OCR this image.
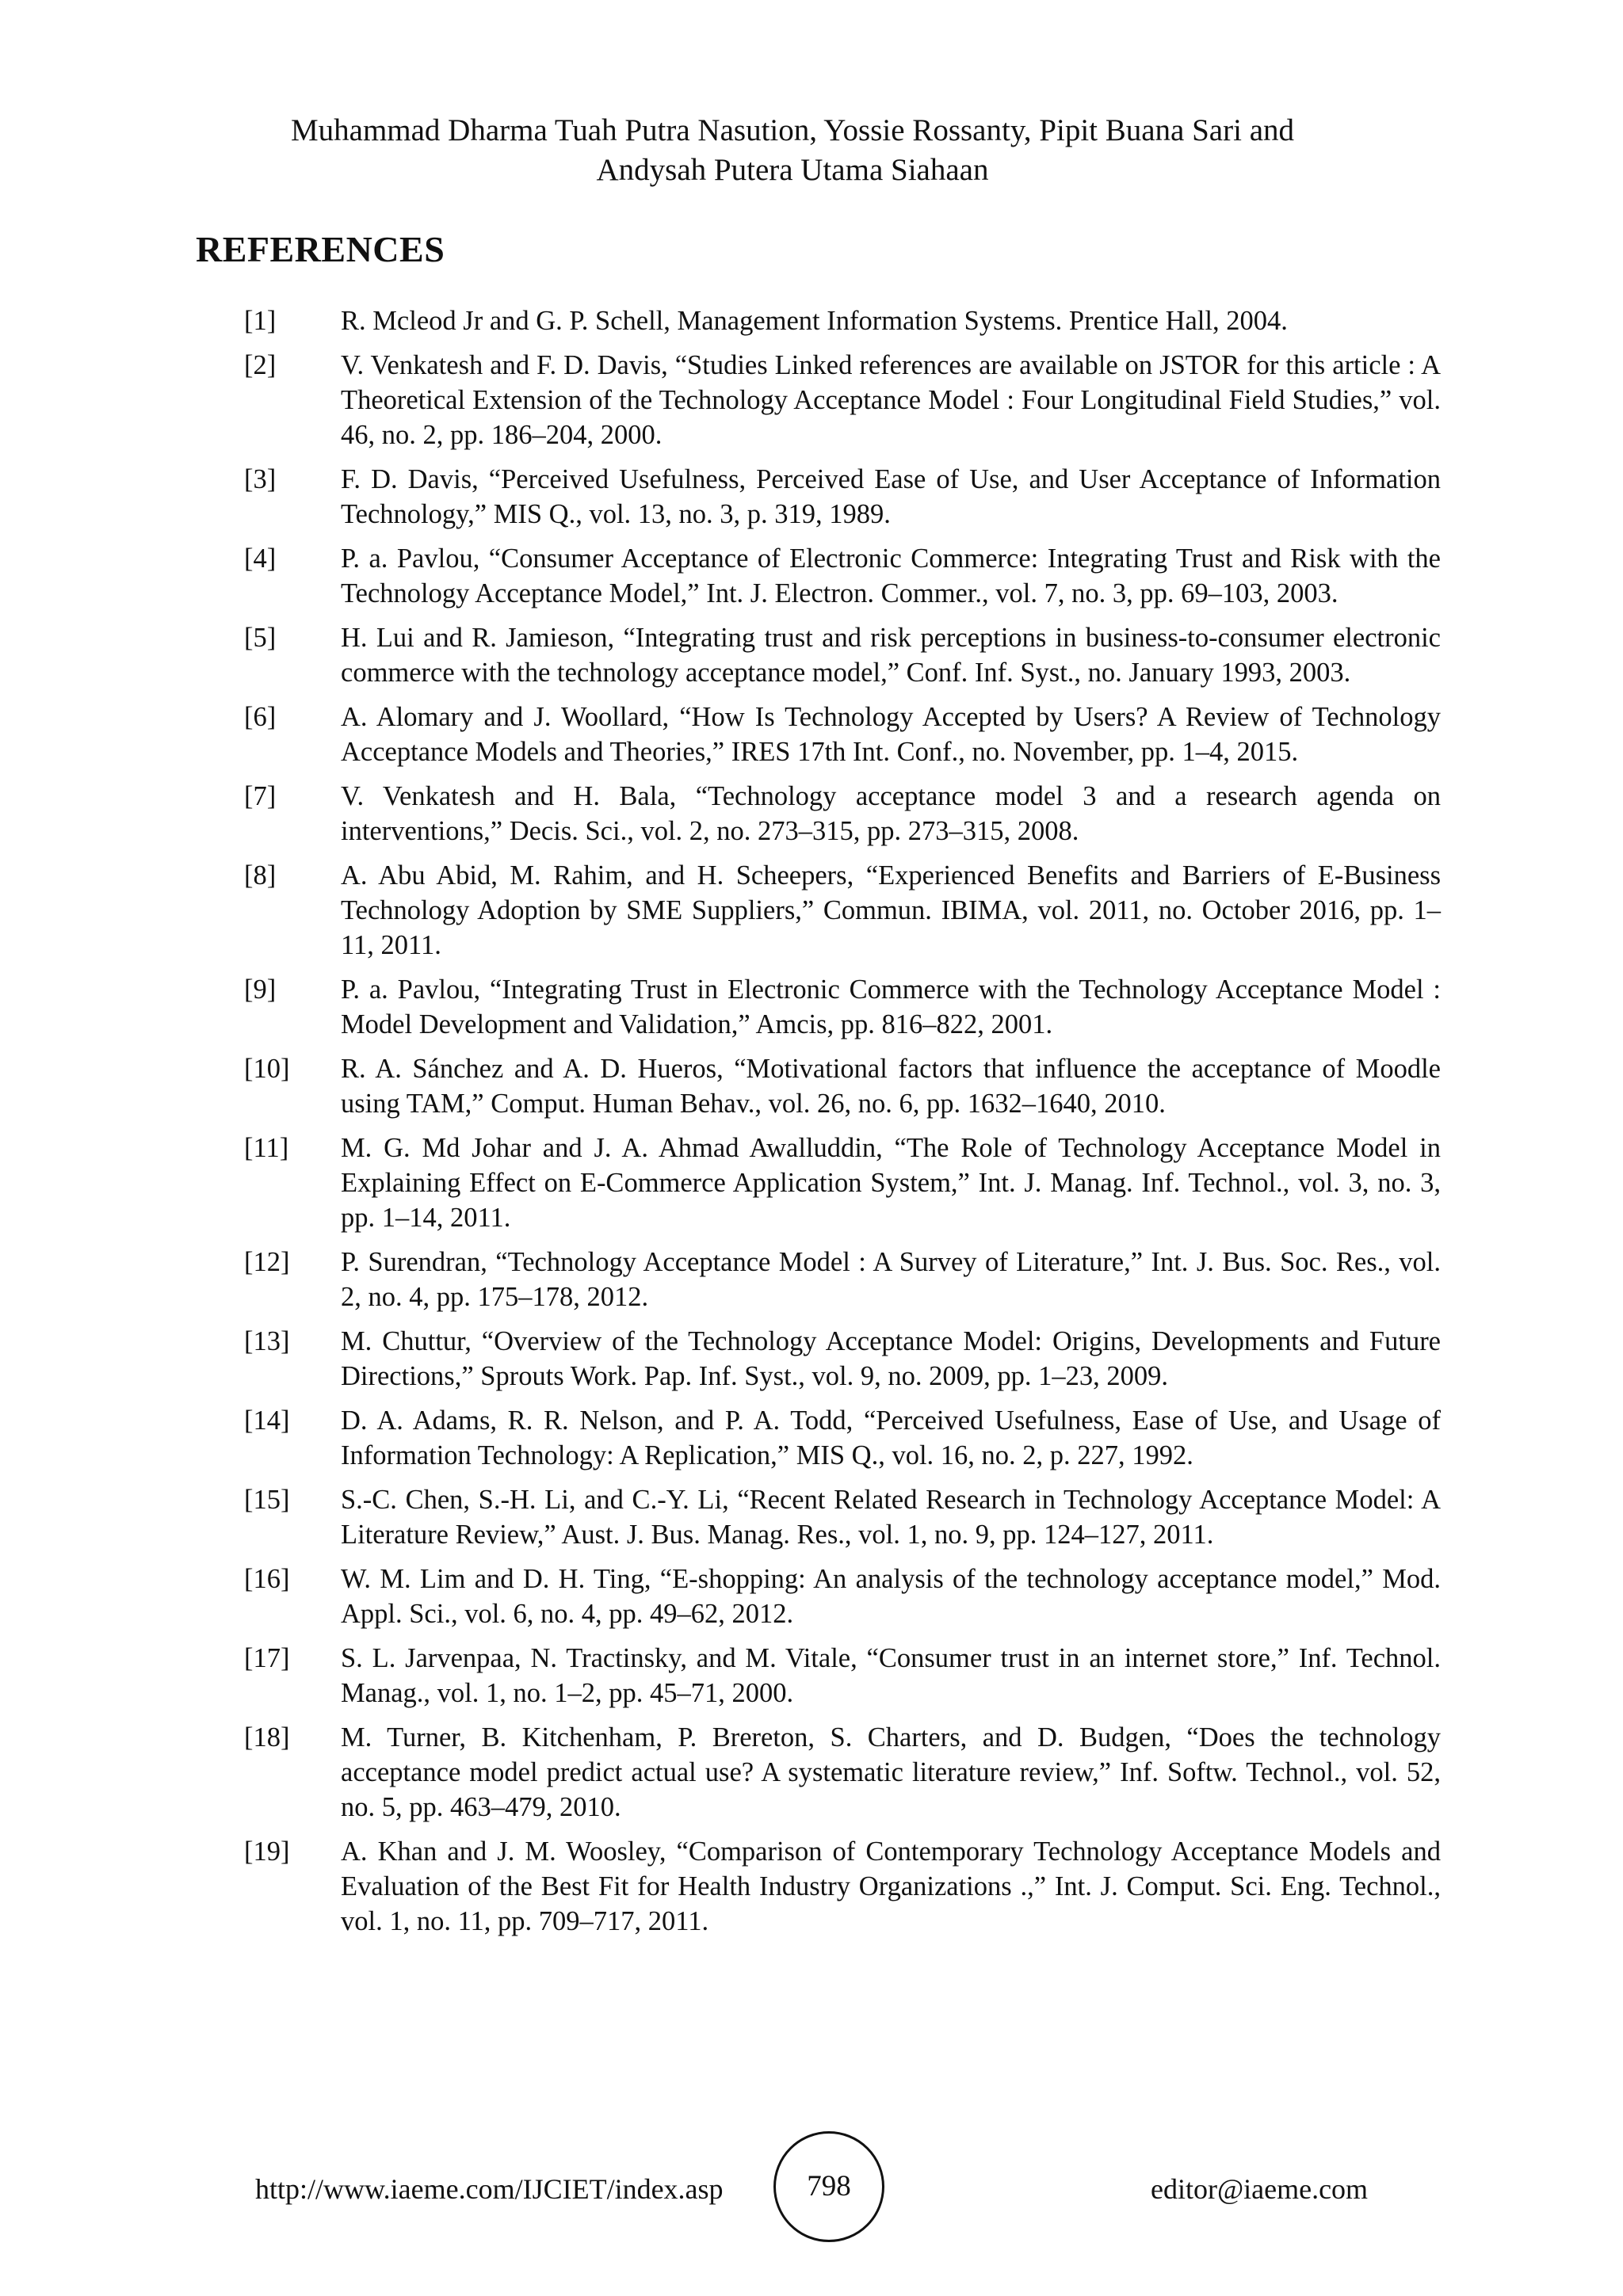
Muhammad Dharma Tuah Putra Nasution, Yossie Rossanty, Pipit Buana Sari and
Andysah Putera Utama Siahaan
REFERENCES
[1]	R. Mcleod Jr and G. P. Schell, Management Information Systems. Prentice Hall, 2004.
[2]	V. Venkatesh and F. D. Davis, “Studies Linked references are available on JSTOR for this article : A Theoretical Extension of the Technology Acceptance Model : Four Longitudinal Field Studies,” vol. 46, no. 2, pp. 186–204, 2000.
[3]	F. D. Davis, “Perceived Usefulness, Perceived Ease of Use, and User Acceptance of Information Technology,” MIS Q., vol. 13, no. 3, p. 319, 1989.
[4]	P. a. Pavlou, “Consumer Acceptance of Electronic Commerce: Integrating Trust and Risk with the Technology Acceptance Model,” Int. J. Electron. Commer., vol. 7, no. 3, pp. 69–103, 2003.
[5]	H. Lui and R. Jamieson, “Integrating trust and risk perceptions in business-to-consumer electronic commerce with the technology acceptance model,” Conf. Inf. Syst., no. January 1993, 2003.
[6]	A. Alomary and J. Woollard, “How Is Technology Accepted by Users? A Review of Technology Acceptance Models and Theories,” IRES 17th Int. Conf., no. November, pp. 1–4, 2015.
[7]	V. Venkatesh and H. Bala, “Technology acceptance model 3 and a research agenda on interventions,” Decis. Sci., vol. 2, no. 273–315, pp. 273–315, 2008.
[8]	A. Abu Abid, M. Rahim, and H. Scheepers, “Experienced Benefits and Barriers of E-Business Technology Adoption by SME Suppliers,” Commun. IBIMA, vol. 2011, no. October 2016, pp. 1–11, 2011.
[9]	P. a. Pavlou, “Integrating Trust in Electronic Commerce with the Technology Acceptance Model : Model Development and Validation,” Amcis, pp. 816–822, 2001.
[10]	R. A. Sánchez and A. D. Hueros, “Motivational factors that influence the acceptance of Moodle using TAM,” Comput. Human Behav., vol. 26, no. 6, pp. 1632–1640, 2010.
[11]	M. G. Md Johar and J. A. Ahmad Awalluddin, “The Role of Technology Acceptance Model in Explaining Effect on E-Commerce Application System,” Int. J. Manag. Inf. Technol., vol. 3, no. 3, pp. 1–14, 2011.
[12]	P. Surendran, “Technology Acceptance Model : A Survey of Literature,” Int. J. Bus. Soc. Res., vol. 2, no. 4, pp. 175–178, 2012.
[13]	M. Chuttur, “Overview of the Technology Acceptance Model: Origins, Developments and Future Directions,” Sprouts Work. Pap. Inf. Syst., vol. 9, no. 2009, pp. 1–23, 2009.
[14]	D. A. Adams, R. R. Nelson, and P. A. Todd, “Perceived Usefulness, Ease of Use, and Usage of Information Technology: A Replication,” MIS Q., vol. 16, no. 2, p. 227, 1992.
[15]	S.-C. Chen, S.-H. Li, and C.-Y. Li, “Recent Related Research in Technology Acceptance Model: A Literature Review,” Aust. J. Bus. Manag. Res., vol. 1, no. 9, pp. 124–127, 2011.
[16]	W. M. Lim and D. H. Ting, “E-shopping: An analysis of the technology acceptance model,” Mod. Appl. Sci., vol. 6, no. 4, pp. 49–62, 2012.
[17]	S. L. Jarvenpaa, N. Tractinsky, and M. Vitale, “Consumer trust in an internet store,” Inf. Technol. Manag., vol. 1, no. 1–2, pp. 45–71, 2000.
[18]	M. Turner, B. Kitchenham, P. Brereton, S. Charters, and D. Budgen, “Does the technology acceptance model predict actual use? A systematic literature review,” Inf. Softw. Technol., vol. 52, no. 5, pp. 463–479, 2010.
[19]	A. Khan and J. M. Woosley, “Comparison of Contemporary Technology Acceptance Models and Evaluation of the Best Fit for Health Industry Organizations .,” Int. J. Comput. Sci. Eng. Technol., vol. 1, no. 11, pp. 709–717, 2011.
http://www.iaeme.com/IJCIET/index.asp	798	editor@iaeme.com
